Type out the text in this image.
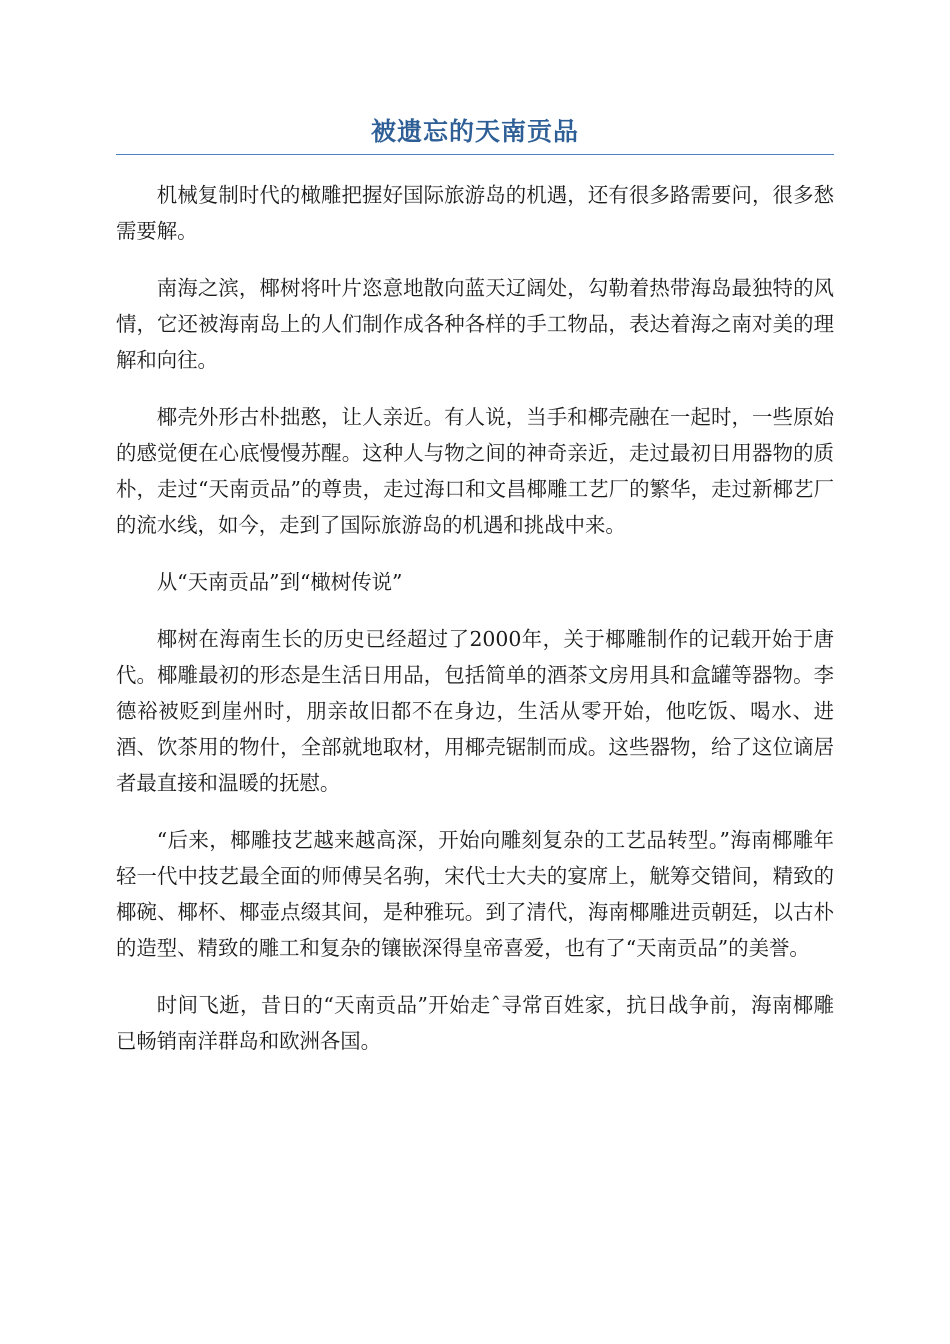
被遗忘的天南贡品

机械复制时代的橄雕把握好国际旅游岛的机遇，还有很多路需要问，很多愁需要解。

南海之滨，椰树将叶片恣意地散向蓝天辽阔处，勾勒着热带海岛最独特的风情，它还被海南岛上的人们制作成各种各样的手工物品，表达着海之南对美的理解和向往。

椰壳外形古朴拙憨，让人亲近。有人说，当手和椰壳融在一起时，一些原始的感觉便在心底慢慢苏醒。这种人与物之间的神奇亲近，走过最初日用器物的质朴，走过“天南贡品”的尊贵，走过海口和文昌椰雕工艺厂的繁华，走过新椰艺厂的流水线，如今，走到了国际旅游岛的机遇和挑战中来。

从“天南贡品”到“橄树传说”

椰树在海南生长的历史已经超过了2000年，关于椰雕制作的记载开始于唐代。椰雕最初的形态是生活日用品，包括简单的酒茶文房用具和盒罐等器物。李德裕被贬到崖州时，朋亲故旧都不在身边，生活从零开始，他吃饭、喝水、进酒、饮茶用的物什，全部就地取材，用椰壳锯制而成。这些器物，给了这位谪居者最直接和温暖的抚慰。

“后来，椰雕技艺越来越高深，开始向雕刻复杂的工艺品转型。”海南椰雕年轻一代中技艺最全面的师傅吴名驹，宋代士大夫的宴席上，觥筹交错间，精致的椰碗、椰杯、椰壶点缀其间，是种雅玩。到了清代，海南椰雕进贡朝廷，以古朴的造型、精致的雕工和复杂的镶嵌深得皇帝喜爱，也有了“天南贡品”的美誉。

时间飞逝，昔日的“天南贡品”开始走ˆ寻常百姓家，抗日战争前，海南椰雕已畅销南洋群岛和欧洲各国。
